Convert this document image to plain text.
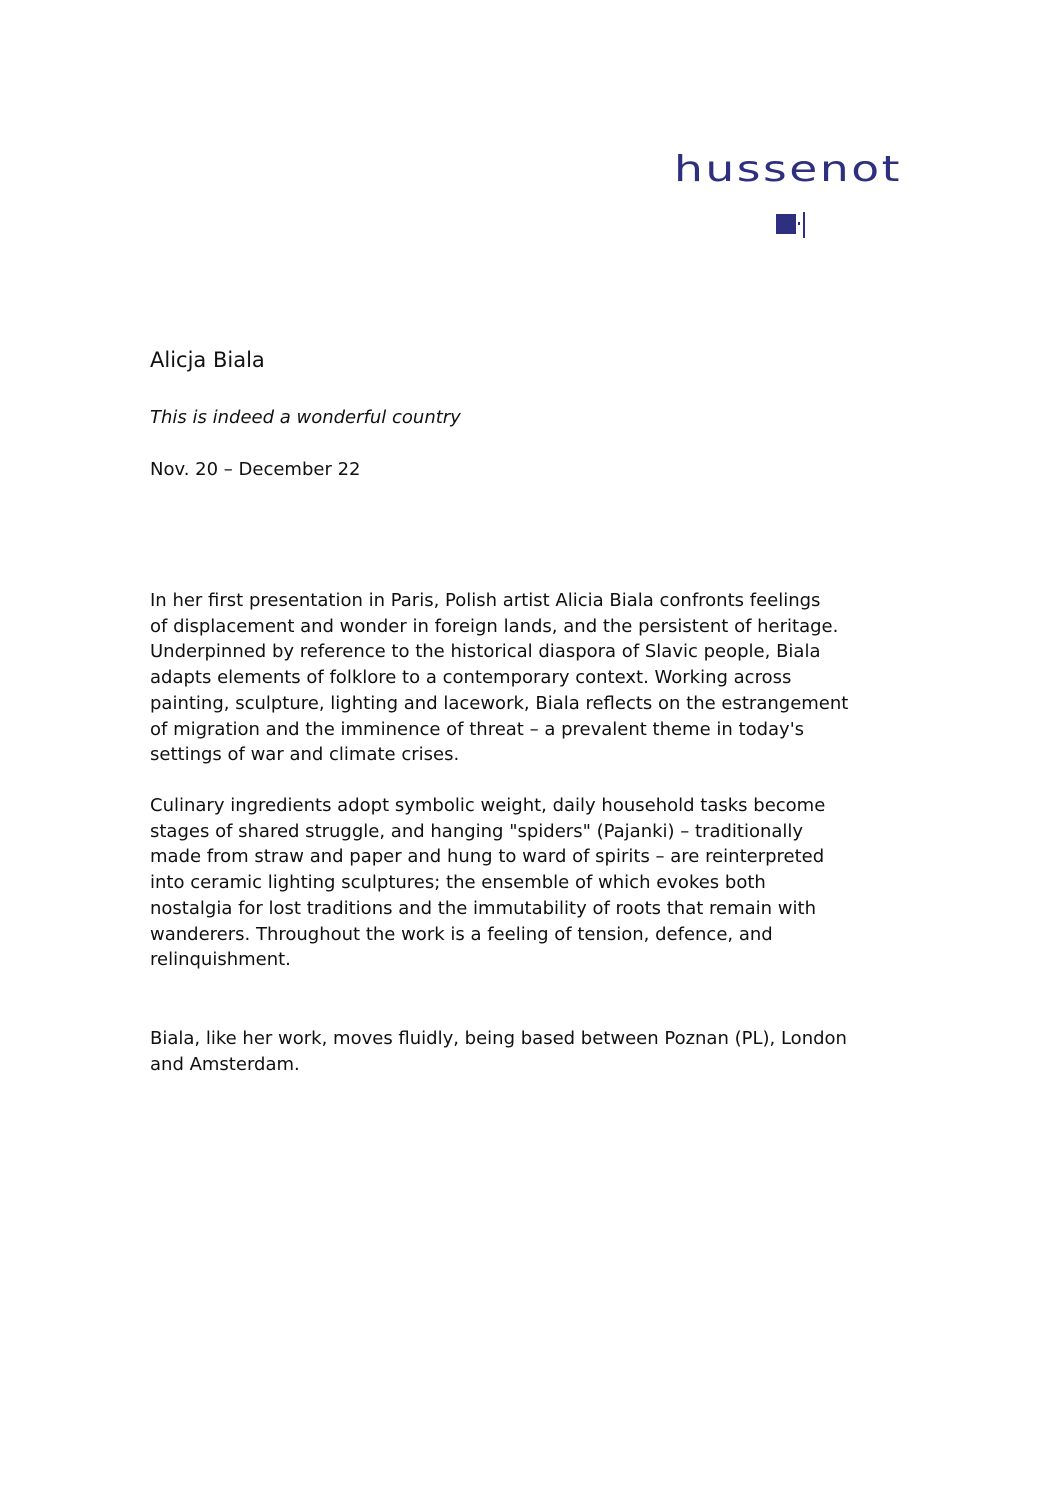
hussenot
Alicja Biala
This is indeed a wonderful country
Nov. 20 – December 22
In her first presentation in Paris, Polish artist Alicia Biala confronts feelings
of displacement and wonder in foreign lands, and the persistent of heritage.
Underpinned by reference to the historical diaspora of Slavic people, Biala
adapts elements of folklore to a contemporary context. Working across
painting, sculpture, lighting and lacework, Biala reflects on the estrangement
of migration and the imminence of threat – a prevalent theme in today's
settings of war and climate crises.
Culinary ingredients adopt symbolic weight, daily household tasks become
stages of shared struggle, and hanging "spiders" (Pajanki) – traditionally
made from straw and paper and hung to ward of spirits – are reinterpreted
into ceramic lighting sculptures; the ensemble of which evokes both
nostalgia for lost traditions and the immutability of roots that remain with
wanderers. Throughout the work is a feeling of tension, defence, and
relinquishment.
Biala, like her work, moves fluidly, being based between Poznan (PL), London
and Amsterdam.
